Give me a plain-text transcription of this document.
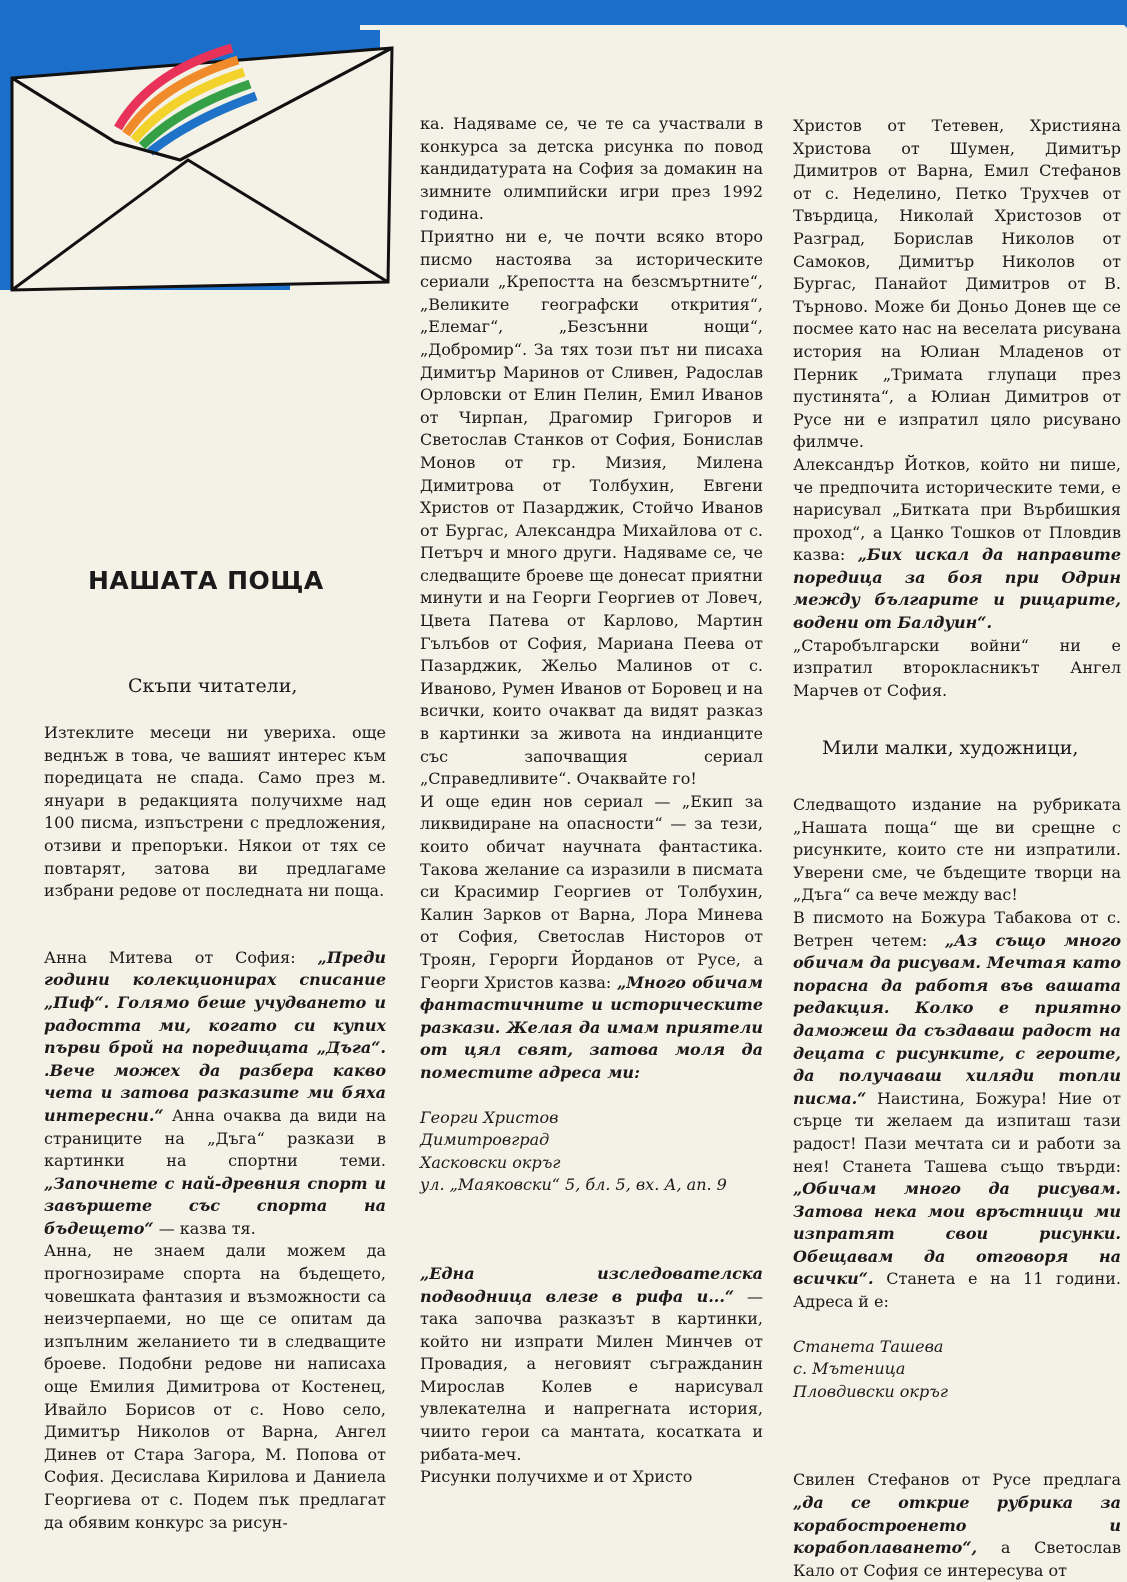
НАШАТА ПОЩА
Скъпи читатели,

Изтеклите месеци ни увериха. още веднъж в това, че вашият интерес към поредицата не спада. Само през м. януари в редакцията получихме над 100 писма, изпъстрени с предложения, отзиви и препоръки. Някои от тях се повтарят, затова ви предлагаме избрани редове от последната ни поща.

Анна Митева от София: „Преди години колекционирах списание „Пиф“. Голямо беше учудването и радостта ми, когато си купих първи брой на поредицата „Дъга“. .Вече можех да разбера какво чета и затова разказите ми бяха интересни.“ Анна очаква да види на страниците на „Дъга“ разкази в картинки на спортни теми. „Започнете с най-древния спорт и завършете със спорта на бъдещето“ — казва тя.

Анна, не знаем дали можем да прогнозираме спорта на бъдещето, човешката фантазия и възможности са неизчерпаеми, но ще се опитам да изпълним желанието ти в следващите броеве. Подобни редове ни написаха още Емилия Димитрова от Костенец, Ивайло Борисов от с. Ново село, Димитър Николов от Варна, Ангел Динев от Стара Загора, М. Попова от София. Десислава Кирилова и Даниела Георгиева от с. Подем пък предлагат да обявим конкурс за рисун-

ка. Надяваме се, че те са участвали в конкурса за детска рисунка по повод кандидатурата на София за домакин на зимните олимпийски игри през 1992 година.

Приятно ни е, че почти всяко второ писмо настоява за историческите сериали „Крепостта на безсмъртните“, „Великите географски открития“, „Елемаг“, „Безсънни нощи“, „Добромир“. За тях този път ни писаха Димитър Маринов от Сливен, Радослав Орловски от Елин Пелин, Емил Иванов от Чирпан, Драгомир Григоров и Светослав Станков от София, Бонислав Монов от гр. Мизия, Милена Димитрова от Толбухин, Евгени Христов от Пазарджик, Стойчо Иванов от Бургас, Александра Михайлова от с. Петърч и много други. Надяваме се, че следващите броеве ще донесат приятни минути и на Георги Георгиев от Ловеч, Цвета Патева от Карлово, Мартин Гълъбов от София, Мариана Пеева от Пазарджик, Жельо Малинов от с. Иваново, Румен Иванов от Боровец и на всички, които очакват да видят разказ в картинки за живота на индианците със започващия сериал „Справедливите“. Очаквайте го!

И още един нов сериал — „Екип за ликвидиране на опасности“ — за тези, които обичат научната фантастика. Такова желание са изразили в писмата си Красимир Георгиев от Толбухин, Калин Зарков от Варна, Лора Минева от София, Светослав Нисторов от Троян, Герорги Йорданов от Русе, а Георги Христов казва: „Много обичам фантастичните и историческите разкази. Желая да имам приятели от цял свят, затова моля да поместите адреса ми:

Георги Христов
Димитровград
Хасковски окръг
ул. „Маяковски“ 5, бл. 5, вх. А, ап. 9

„Една изследователска подводница влезе в рифа и...“ — така започва разказът в картинки, който ни изпрати Милен Минчев от Провадия, а неговият съгражданин Мирослав Колев е нарисувал увлекателна и напрегната история, чиито герои са мантата, косатката и рибата-меч.

Рисунки получихме и от Христо

Христов от Тетевен, Християна Христова от Шумен, Димитър Димитров от Варна, Емил Стефанов от с. Неделино, Петко Трухчев от Твърдица, Николай Христозов от Разград, Борислав Николов от Самоков, Димитър Николов от Бургас, Панайот Димитров от В. Търново. Може би Доньо Донев ще се посмее като нас на веселата рисувана история на Юлиан Младенов от Перник „Тримата глупаци през пустинята“, а Юлиан Димитров от Русе ни е изпратил цяло рисувано филмче.

Александър Йотков, който ни пише, че предпочита историческите теми, е нарисувал „Битката при Върбишкия проход“, а Цанко Тошков от Пловдив казва: „Бих искал да направите поредица за боя при Одрин между българите и рицарите, водени от Балдуин“.

„Старобългарски войни“ ни е изпратил второкласникът Ангел Марчев от София.

Мили малки, художници,

Следващото издание на рубриката „Нашата поща“ ще ви срещне с рисунките, които сте ни изпратили. Уверени сме, че бъдещите творци на „Дъга“ са вече между вас!

В писмото на Божура Табакова от с. Ветрен четем: „Аз също много обичам да рисувам. Мечтая като порасна да работя във вашата редакция. Колко е приятно даможеш да създаваш радост на децата с рисунките, с героите, да получаваш хиляди топли писма.“ Наистина, Божура! Ние от сърце ти желаем да изпиташ тази радост! Пази мечтата си и работи за нея! Станета Ташева също твърди: „Обичам много да рисувам. Затова нека мои връстници ми изпратят свои рисунки. Обещавам да отговоря на всички“. Станета е на 11 години. Адреса й е:

Станета Ташева
с. Мътеница
Пловдивски окръг

Свилен Стефанов от Русе предлага „да се открие рубрика за корабостроенето и корабоплаването“, а Светослав Кало от София се интересува от
